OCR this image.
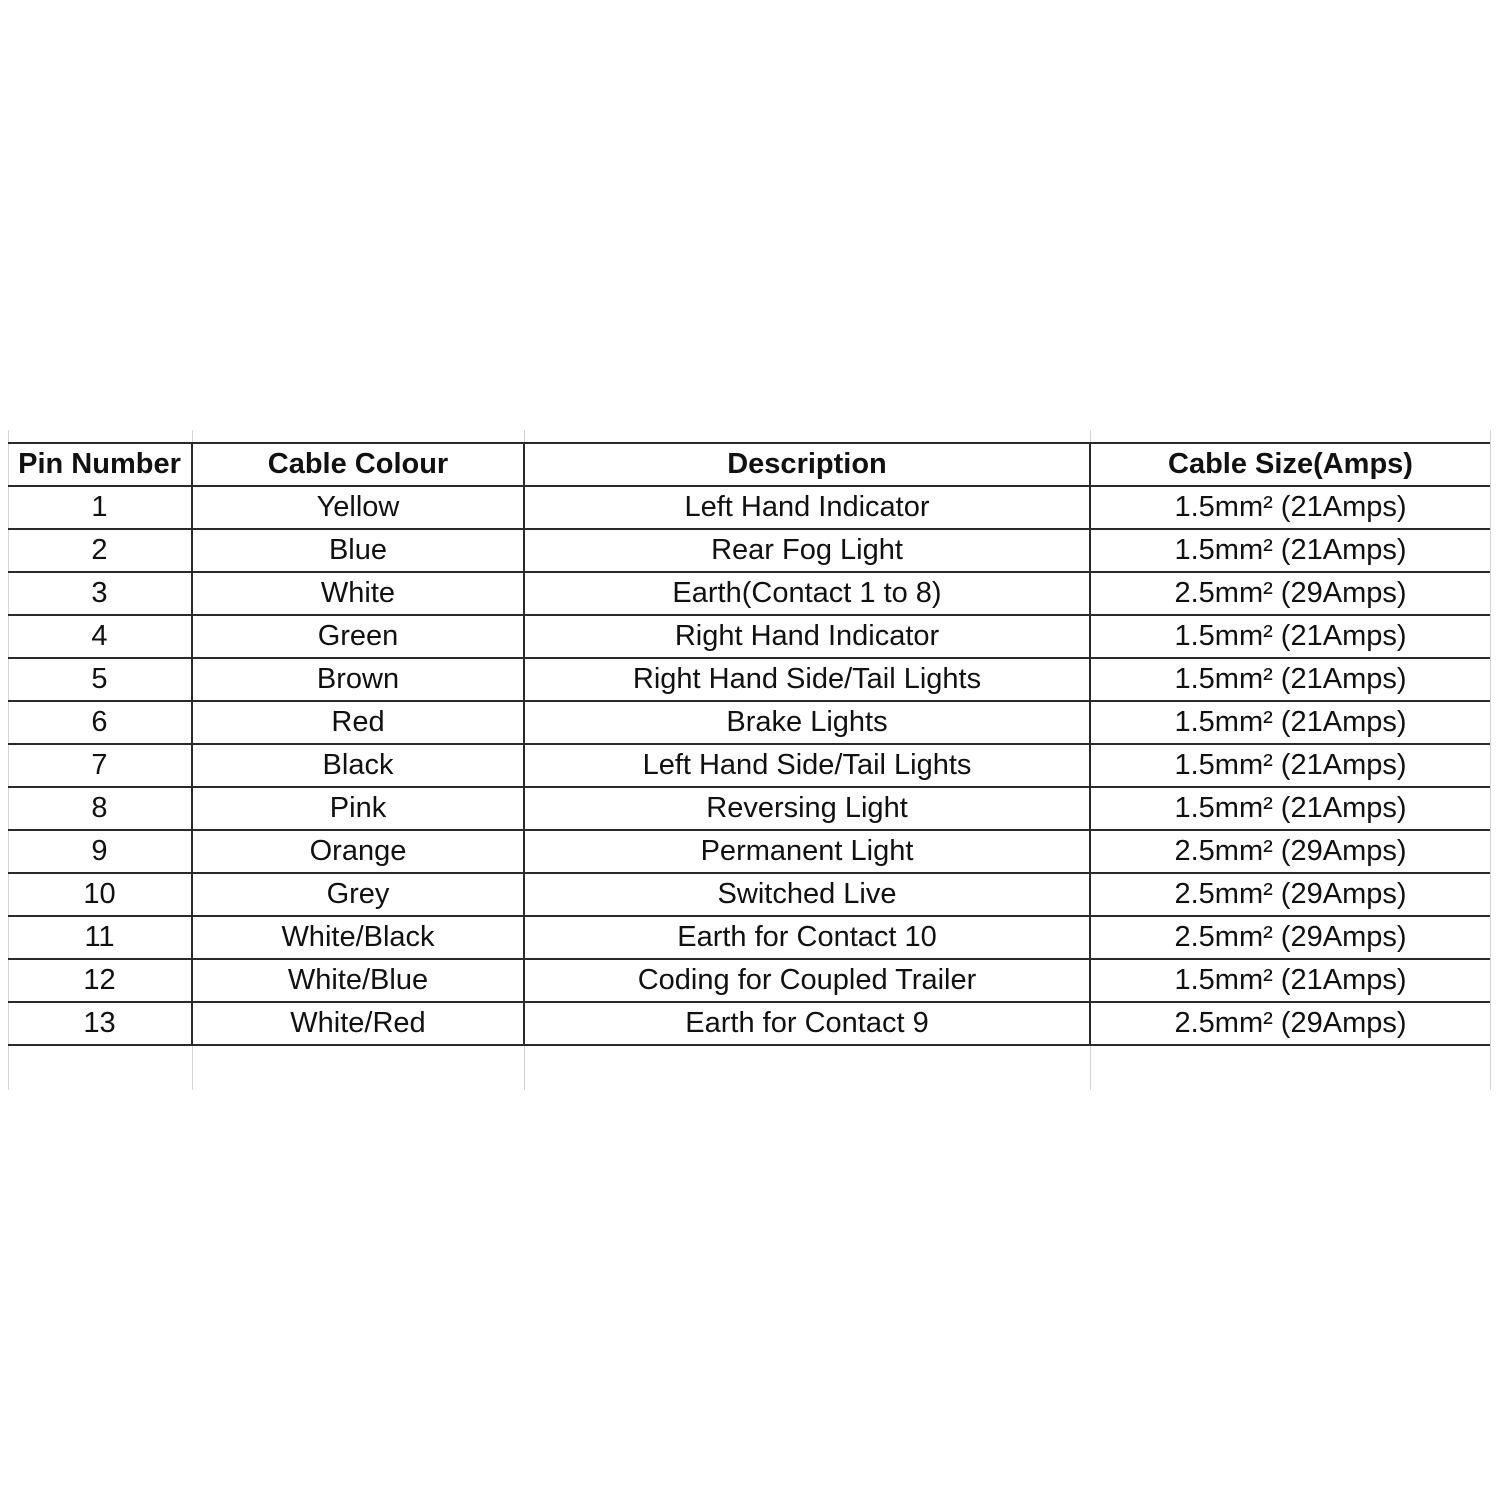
Pin Number	Cable Colour	Description	Cable Size(Amps)
1	Yellow	Left Hand Indicator	1.5mm² (21Amps)
2	Blue	Rear Fog Light	1.5mm² (21Amps)
3	White	Earth(Contact 1 to 8)	2.5mm² (29Amps)
4	Green	Right Hand Indicator	1.5mm² (21Amps)
5	Brown	Right Hand Side/Tail Lights	1.5mm² (21Amps)
6	Red	Brake Lights	1.5mm² (21Amps)
7	Black	Left Hand Side/Tail Lights	1.5mm² (21Amps)
8	Pink	Reversing Light	1.5mm² (21Amps)
9	Orange	Permanent Light	2.5mm² (29Amps)
10	Grey	Switched Live	2.5mm² (29Amps)
11	White/Black	Earth for Contact 10	2.5mm² (29Amps)
12	White/Blue	Coding for Coupled Trailer	1.5mm² (21Amps)
13	White/Red	Earth for Contact 9	2.5mm² (29Amps)
